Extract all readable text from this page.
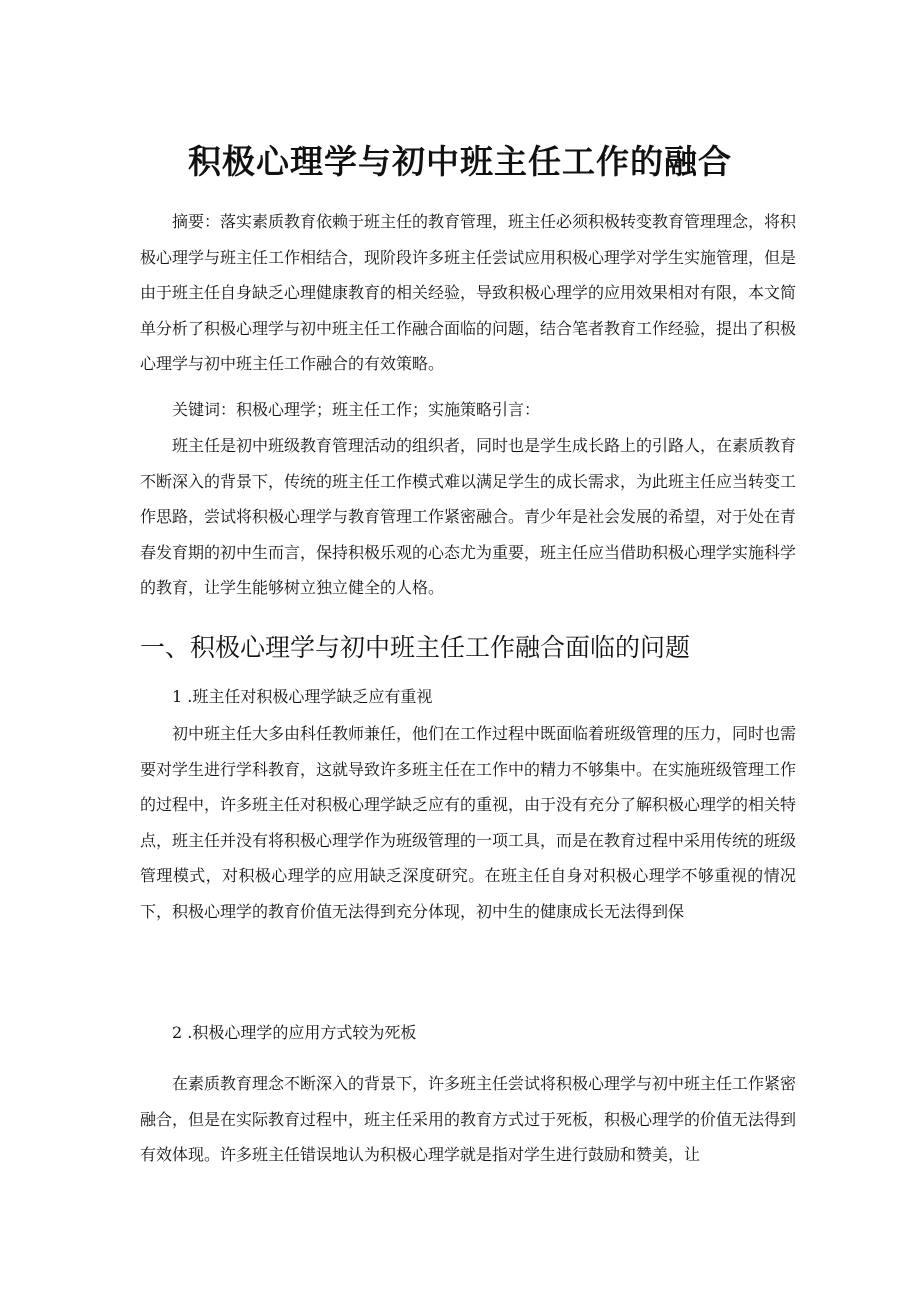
积极心理学与初中班主任工作的融合

摘要：落实素质教育依赖于班主任的教育管理，班主任必须积极转变教育管理理念，将积极心理学与班主任工作相结合，现阶段许多班主任尝试应用积极心理学对学生实施管理，但是由于班主任自身缺乏心理健康教育的相关经验，导致积极心理学的应用效果相对有限，本文简单分析了积极心理学与初中班主任工作融合面临的问题，结合笔者教育工作经验，提出了积极心理学与初中班主任工作融合的有效策略。

关键词：积极心理学；班主任工作；实施策略引言：

班主任是初中班级教育管理活动的组织者，同时也是学生成长路上的引路人，在素质教育不断深入的背景下，传统的班主任工作模式难以满足学生的成长需求，为此班主任应当转变工作思路，尝试将积极心理学与教育管理工作紧密融合。青少年是社会发展的希望，对于处在青春发育期的初中生而言，保持积极乐观的心态尤为重要，班主任应当借助积极心理学实施科学的教育，让学生能够树立独立健全的人格。

一、积极心理学与初中班主任工作融合面临的问题

1 .班主任对积极心理学缺乏应有重视

初中班主任大多由科任教师兼任，他们在工作过程中既面临着班级管理的压力，同时也需要对学生进行学科教育，这就导致许多班主任在工作中的精力不够集中。在实施班级管理工作的过程中，许多班主任对积极心理学缺乏应有的重视，由于没有充分了解积极心理学的相关特点，班主任并没有将积极心理学作为班级管理的一项工具，而是在教育过程中采用传统的班级管理模式，对积极心理学的应用缺乏深度研究。在班主任自身对积极心理学不够重视的情况下，积极心理学的教育价值无法得到充分体现，初中生的健康成长无法得到保

2 .积极心理学的应用方式较为死板

在素质教育理念不断深入的背景下，许多班主任尝试将积极心理学与初中班主任工作紧密融合，但是在实际教育过程中，班主任采用的教育方式过于死板，积极心理学的价值无法得到有效体现。许多班主任错误地认为积极心理学就是指对学生进行鼓励和赞美，让
